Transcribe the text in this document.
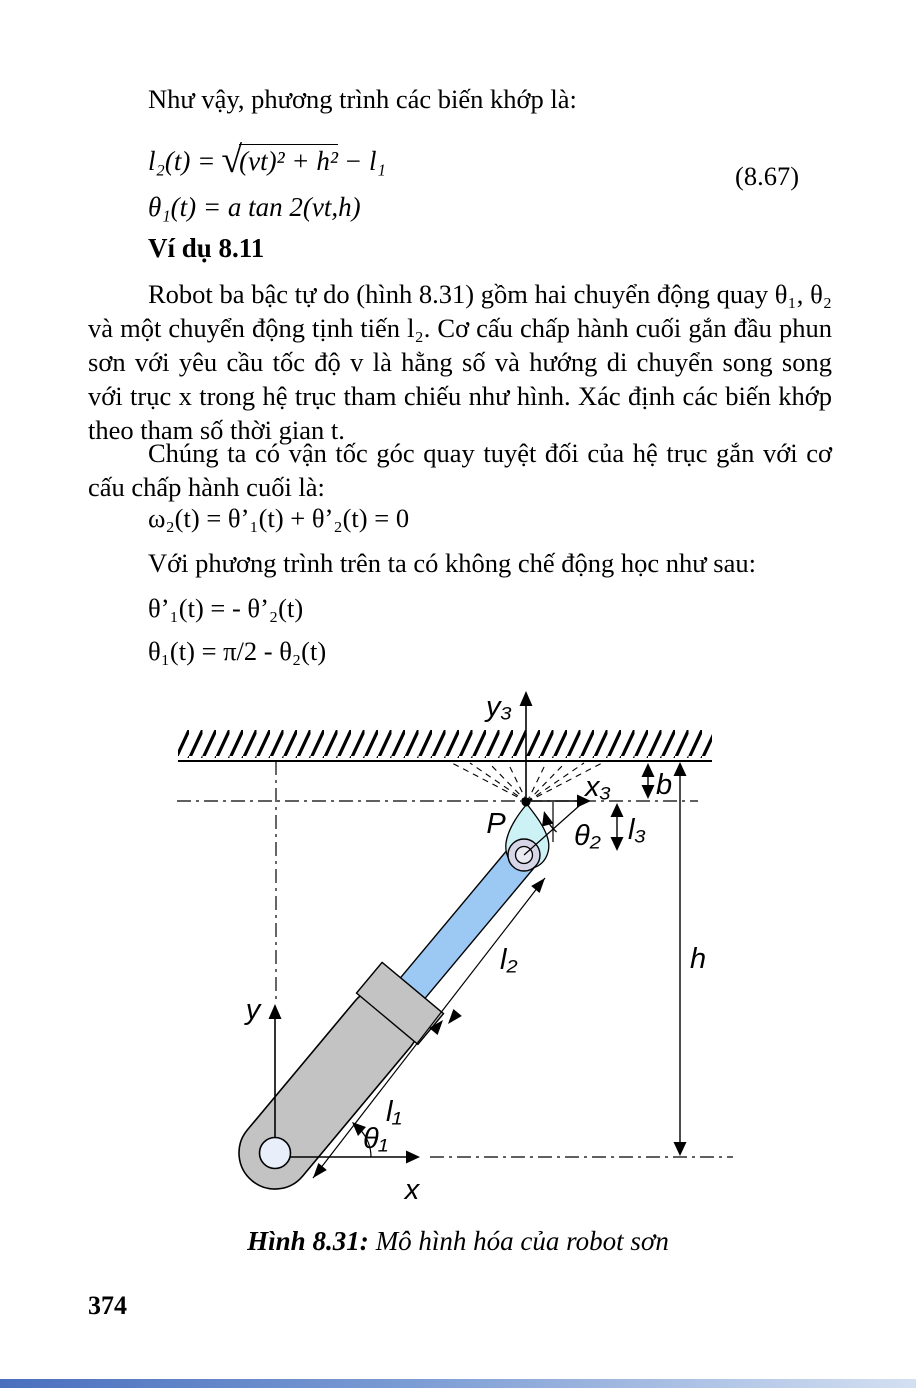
Như vậy, phương trình các biến khớp là:

l₂(t) = √(vt)² + h² − l₁
θ₁(t) = a tan 2(vt,h)
(8.67)
Ví dụ 8.11

Robot ba bậc tự do (hình 8.31) gồm hai chuyển động quay θ₁, θ₂ và một chuyển động tịnh tiến l₂. Cơ cấu chấp hành cuối gắn đầu phun sơn với yêu cầu tốc độ v là hằng số và hướng di chuyển song song với trục x trong hệ trục tham chiếu như hình. Xác định các biến khớp theo tham số thời gian t.

Chúng ta có vận tốc góc quay tuyệt đối của hệ trục gắn với cơ cấu chấp hành cuối là:

ω₂(t) = θ’₁(t) + θ’₂(t) = 0

Với phương trình trên ta có không chế động học như sau:

θ’₁(t) = - θ’₂(t)

θ₁(t) = π/2 - θ₂(t)

y₃
l₂
l₁
P
x₃
θ₂
b
l₃
h
y
x
θ₁

Hình 8.31: Mô hình hóa của robot sơn

374
